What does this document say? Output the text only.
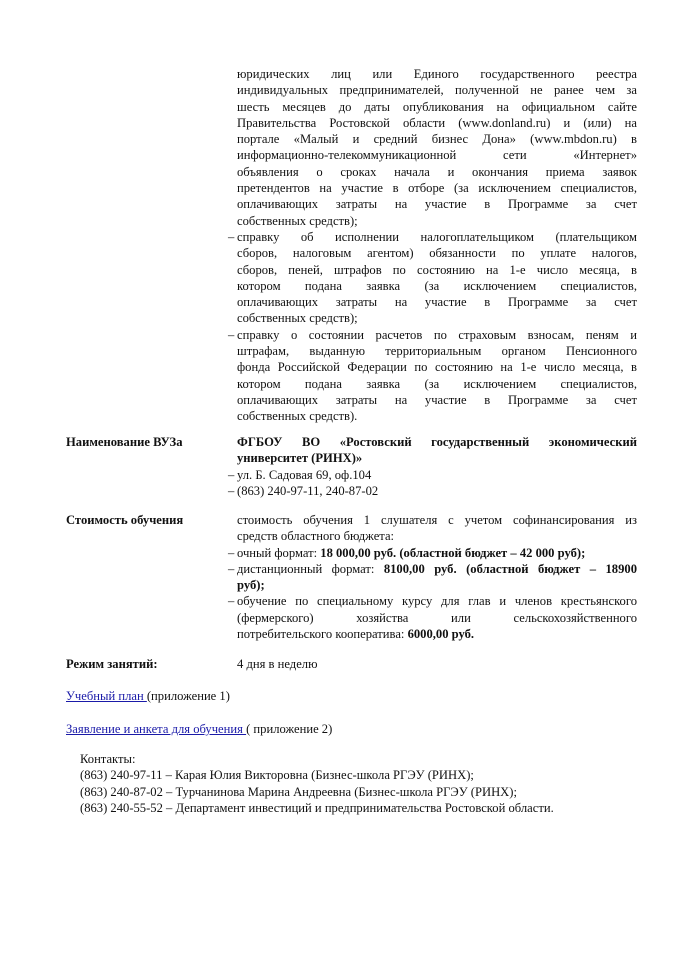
юридических лиц или Единого государственного реестра

индивидуальных предпринимателей, полученной не ранее чем за

шесть месяцев до даты опубликования на официальном сайте

Правительства Ростовской области (www.donland.ru) и (или) на

портале «Малый и средний бизнес Дона» (www.mbdon.ru) в

информационно-телекоммуникационной сети «Интернет»

объявления о сроках начала и окончания приема заявок

претендентов на участие в отборе (за исключением специалистов,

оплачивающих затраты на участие в Программе за счет

собственных средств);

– справку об исполнении налогоплательщиком (плательщиком

сборов, налоговым агентом) обязанности по уплате налогов,

сборов, пеней, штрафов по состоянию на 1-е число месяца, в

котором подана заявка (за исключением специалистов,

оплачивающих затраты на участие в Программе за счет

собственных средств);

– справку о состоянии расчетов по страховым взносам, пеням и

штрафам, выданную территориальным органом Пенсионного

фонда Российской Федерации по состоянию на 1-е число месяца, в

котором подана заявка (за исключением специалистов,

оплачивающих затраты на участие в Программе за счет

собственных средств).

Наименование ВУЗа	ФГБОУ ВО «Ростовский государственный экономический

университет (РИНХ)»

– ул. Б. Садовая 69, оф.104

– (863) 240-97-11, 240-87-02

Стоимость обучения	стоимость обучения 1 слушателя с учетом софинансирования из

средств областного бюджета:

– очный формат: 18 000,00 руб. (областной бюджет – 42 000 руб);

– дистанционный формат: 8100,00 руб. (областной бюджет – 18900

руб);

– обучение по специальному курсу для глав и членов крестьянского

(фермерского) хозяйства или сельскохозяйственного

потребительского кооператива: 6000,00 руб.

Режим занятий:	4 дня в неделю
Учебный план (приложение 1)
Заявление и анкета для обучения ( приложение 2)

Контакты:

(863) 240-97-11 – Карая Юлия Викторовна (Бизнес-школа РГЭУ (РИНХ);

(863) 240-87-02 – Турчанинова Марина Андреевна (Бизнес-школа РГЭУ (РИНХ);

(863) 240-55-52 – Департамент инвестиций и предпринимательства Ростовской области.
